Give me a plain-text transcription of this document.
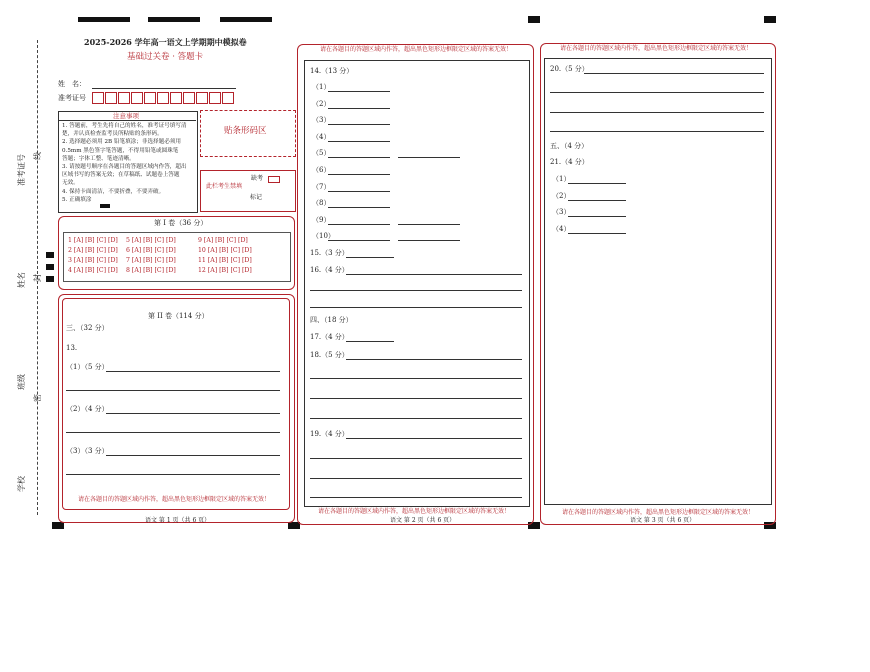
准考证号 线
姓名 封
班级
密
学校
2025-2026 学年高一语文上学期期中模拟卷
基础过关卷 · 答题卡
姓　名：
准考证号
注意事项
1. 答题前，考生先将自己的姓名，准考证号填写清
楚，并认真检查监考员所粘贴的条形码。
2. 选择题必须用 2B 铅笔填涂；非选择题必须用
0.5mm 黑色签字笔答题，不得用铅笔或圆珠笔
答题；字体工整、笔迹清晰。
3. 请按题号顺序在各题目的答题区域内作答，超出
区域书写的答案无效；在草稿纸、试题卷上答题
无效。
4. 保持卡面清洁，不要折叠，不要弄破。
5. 正确填涂
贴条形码区
此栏考生禁填
缺考
标记
第 I 卷（36 分）
1 [A] [B] [C] [D] 5 [A] [B] [C] [D]	9 [A] [B] [C] [D]
2 [A] [B] [C] [D] 6 [A] [B] [C] [D]	10 [A] [B] [C] [D]
3 [A] [B] [C] [D] 7 [A] [B] [C] [D]	11 [A] [B] [C] [D]
4 [A] [B] [C] [D] 8 [A] [B] [C] [D]	12 [A] [B] [C] [D]
第 II 卷（114 分）
三、（32 分）
13.
（1）（5 分）
（2）（4 分）
（3）（3 分）
请在各题目的答题区域内作答，超出黑色矩形边框限定区域的答案无效！
语文 第 1 页（共 6 页）
请在各题目的答题区域内作答，超出黑色矩形边框限定区域的答案无效！
14.（13 分）
（1）
（2）
（3）
（4）
（5）
（6）
（7）
（8）
（9）
（10）
15.（3 分）
16.（4 分）
四、（18 分）
17.（4 分）
18.（5 分）
19.（4 分）
请在各题目的答题区域内作答，超出黑色矩形边框限定区域的答案无效！
语文 第 2 页（共 6 页）
请在各题目的答题区域内作答，超出黑色矩形边框限定区域的答案无效！
20.（5 分）
五、（4 分）
21.（4 分）
（1）
（2）
（3）
（4）
请在各题目的答题区域内作答，超出黑色矩形边框限定区域的答案无效！
语文 第 3 页（共 6 页）
